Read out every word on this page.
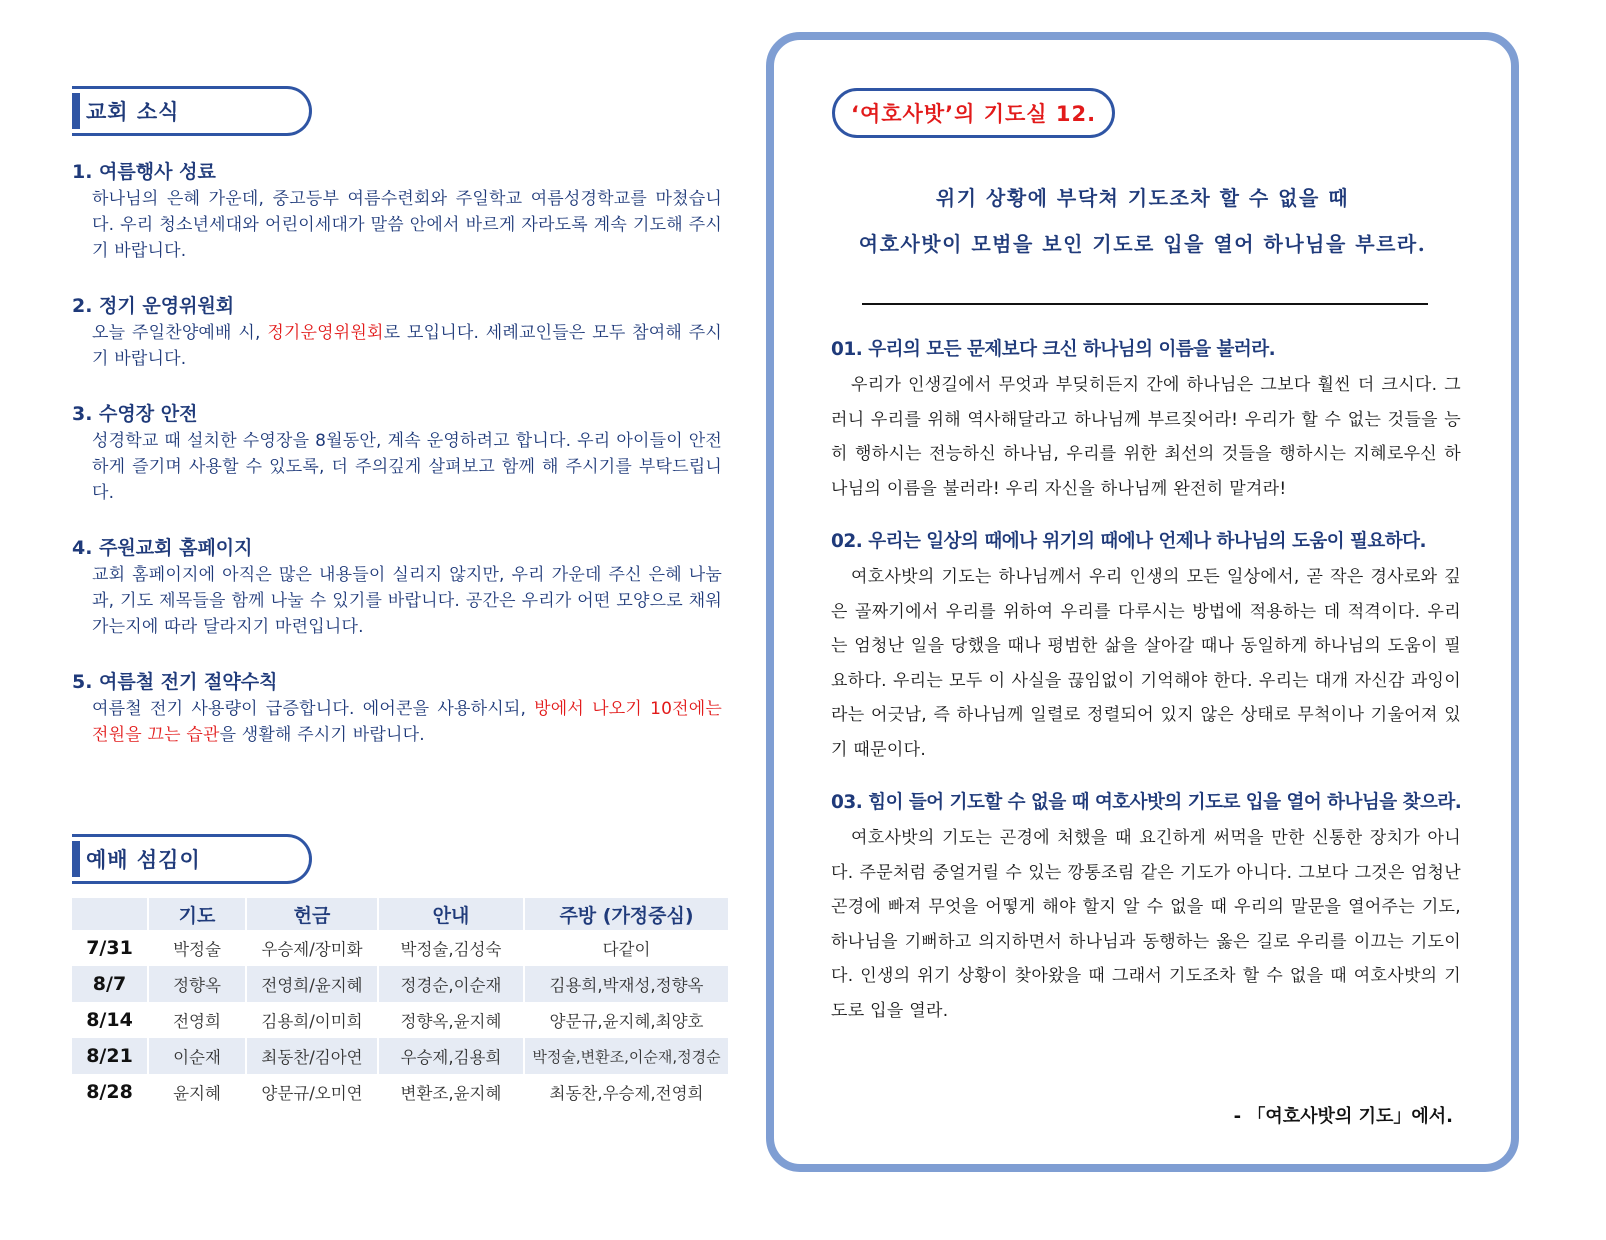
교회 소식
1. 여름행사 성료
하나님의 은혜 가운데, 중고등부 여름수련회와 주일학교 여름성경학교를 마쳤습니다. 우리 청소년세대와 어린이세대가 말씀 안에서 바르게 자라도록 계속 기도해 주시기 바랍니다.
2. 정기 운영위원회
오늘 주일찬양예배 시, 정기운영위원회로 모입니다. 세례교인들은 모두 참여해 주시기 바랍니다.
3. 수영장 안전
성경학교 때 설치한 수영장을 8월동안, 계속 운영하려고 합니다. 우리 아이들이 안전하게 즐기며 사용할 수 있도록, 더 주의깊게 살펴보고 함께 해 주시기를 부탁드립니다.
4. 주원교회 홈페이지
교회 홈페이지에 아직은 많은 내용들이 실리지 않지만, 우리 가운데 주신 은혜 나눔과, 기도 제목들을 함께 나눌 수 있기를 바랍니다. 공간은 우리가 어떤 모양으로 채워가는지에 따라 달라지기 마련입니다.
5. 여름철 전기 절약수칙
여름철 전기 사용량이 급증합니다. 에어콘을 사용하시되, 방에서 나오기 10전에는 전원을 끄는 습관을 생활해 주시기 바랍니다.
예배 섬김이
	기도	헌금	안내	주방 (가정중심)
7/31	박정술	우승제/장미화	박정술,김성숙	다같이
8/7	정향옥	전영희/윤지혜	정경순,이순재	김용희,박재성,정향옥
8/14	전영희	김용희/이미희	정향옥,윤지혜	양문규,윤지혜,최양호
8/21	이순재	최동찬/김아연	우승제,김용희	박정술,변환조,이순재,정경순
8/28	윤지혜	양문규/오미연	변환조,윤지혜	최동찬,우승제,전영희
‘여호사밧’의 기도실 12.
위기 상황에 부닥쳐 기도조차 할 수 없을 때
여호사밧이 모범을 보인 기도로 입을 열어 하나님을 부르라.
01. 우리의 모든 문제보다 크신 하나님의 이름을 불러라.
우리가 인생길에서 무엇과 부딪히든지 간에 하나님은 그보다 훨씬 더 크시다. 그러니 우리를 위해 역사해달라고 하나님께 부르짖어라! 우리가 할 수 없는 것들을 능히 행하시는 전능하신 하나님, 우리를 위한 최선의 것들을 행하시는 지혜로우신 하나님의 이름을 불러라! 우리 자신을 하나님께 완전히 맡겨라!
02. 우리는 일상의 때에나 위기의 때에나 언제나 하나님의 도움이 필요하다.
여호사밧의 기도는 하나님께서 우리 인생의 모든 일상에서, 곧 작은 경사로와 깊은 골짜기에서 우리를 위하여 우리를 다루시는 방법에 적용하는 데 적격이다. 우리는 엄청난 일을 당했을 때나 평범한 삶을 살아갈 때나 동일하게 하나님의 도움이 필요하다. 우리는 모두 이 사실을 끊임없이 기억해야 한다. 우리는 대개 자신감 과잉이라는 어긋남, 즉 하나님께 일렬로 정렬되어 있지 않은 상태로 무척이나 기울어져 있기 때문이다.
03. 힘이 들어 기도할 수 없을 때 여호사밧의 기도로 입을 열어 하나님을 찾으라.
여호사밧의 기도는 곤경에 처했을 때 요긴하게 써먹을 만한 신통한 장치가 아니다. 주문처럼 중얼거릴 수 있는 깡통조림 같은 기도가 아니다. 그보다 그것은 엄청난 곤경에 빠져 무엇을 어떻게 해야 할지 알 수 없을 때 우리의 말문을 열어주는 기도, 하나님을 기뻐하고 의지하면서 하나님과 동행하는 옳은 길로 우리를 이끄는 기도이다. 인생의 위기 상황이 찾아왔을 때 그래서 기도조차 할 수 없을 때 여호사밧의 기도로 입을 열라.
- 「여호사밧의 기도」에서.
